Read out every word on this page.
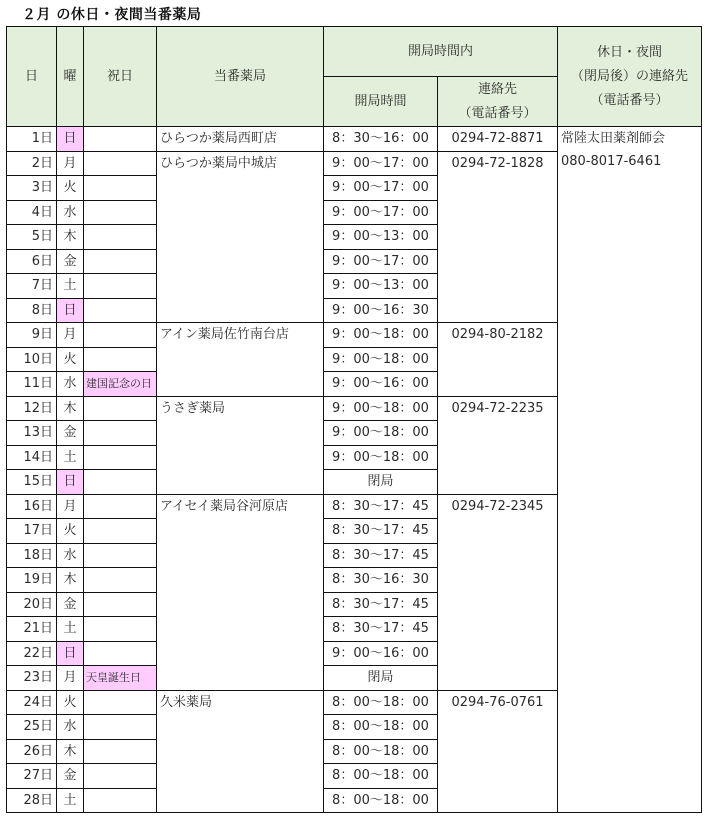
２月 の休日・夜間当番薬局
日	曜	祝日	当番薬局	開局時間内		休日・夜間
（閉局後）の連絡先
（電話番号）

				開局時間	連絡先
（電話番号）	

1日	日		ひらつか薬局西町店	8：30〜16：00	0294-72-8871	常陸太田薬剤師会
080-8017-6461

2日	月		ひらつか薬局中城店	9：00〜17：00	0294-72-1828	
3日	火			9：00〜17：00		
4日	水			9：00〜17：00		
5日	木			9：00〜13：00		
6日	金			9：00〜17：00		
7日	土			9：00〜13：00		
8日	日			9：00〜16：30		
9日	月		アイン薬局佐竹南台店	9：00〜18：00	0294-80-2182	
10日	火			9：00〜18：00		
11日	水	建国記念の日		9：00〜16：00		
12日	木		うさぎ薬局	9：00〜18：00	0294-72-2235	
13日	金			9：00〜18：00		
14日	土			9：00〜18：00		
15日	日			閉局		
16日	月		アイセイ薬局谷河原店	8：30〜17：45	0294-72-2345	
17日	火			8：30〜17：45		
18日	水			8：30〜17：45		
19日	木			8：30〜16：30		
20日	金			8：30〜17：45		
21日	土			8：30〜17：45		
22日	日			9：00〜16：00		
23日	月	天皇誕生日		閉局		
24日	火		久米薬局	8：00〜18：00	0294-76-0761	
25日	水			8：00〜18：00		
26日	木			8：00〜18：00		
27日	金			8：00〜18：00		
28日	土			8：00〜18：00		
